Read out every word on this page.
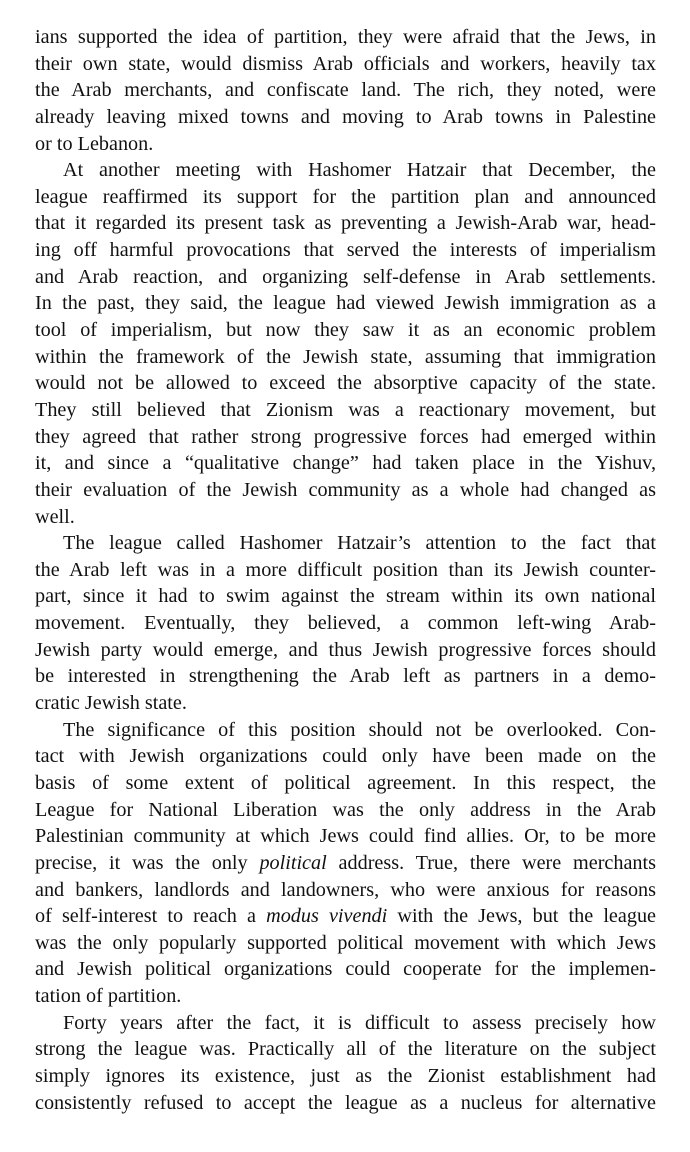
ians supported the idea of partition, they were afraid that the Jews, in
their own state, would dismiss Arab officials and workers, heavily tax
the Arab merchants, and confiscate land. The rich, they noted, were
already leaving mixed towns and moving to Arab towns in Palestine
or to Lebanon.
At another meeting with Hashomer Hatzair that December, the
league reaffirmed its support for the partition plan and announced
that it regarded its present task as preventing a Jewish-Arab war, head-
ing off harmful provocations that served the interests of imperialism
and Arab reaction, and organizing self-defense in Arab settlements.
In the past, they said, the league had viewed Jewish immigration as a
tool of imperialism, but now they saw it as an economic problem
within the framework of the Jewish state, assuming that immigration
would not be allowed to exceed the absorptive capacity of the state.
They still believed that Zionism was a reactionary movement, but
they agreed that rather strong progressive forces had emerged within
it, and since a “qualitative change” had taken place in the Yishuv,
their evaluation of the Jewish community as a whole had changed as
well.
The league called Hashomer Hatzair’s attention to the fact that
the Arab left was in a more difficult position than its Jewish counter-
part, since it had to swim against the stream within its own national
movement. Eventually, they believed, a common left-wing Arab-
Jewish party would emerge, and thus Jewish progressive forces should
be interested in strengthening the Arab left as partners in a demo-
cratic Jewish state.
The significance of this position should not be overlooked. Con-
tact with Jewish organizations could only have been made on the
basis of some extent of political agreement. In this respect, the
League for National Liberation was the only address in the Arab
Palestinian community at which Jews could find allies. Or, to be more
precise, it was the only political address. True, there were merchants
and bankers, landlords and landowners, who were anxious for reasons
of self-interest to reach a modus vivendi with the Jews, but the league
was the only popularly supported political movement with which Jews
and Jewish political organizations could cooperate for the implemen-
tation of partition.
Forty years after the fact, it is difficult to assess precisely how
strong the league was. Practically all of the literature on the subject
simply ignores its existence, just as the Zionist establishment had
consistently refused to accept the league as a nucleus for alternative
